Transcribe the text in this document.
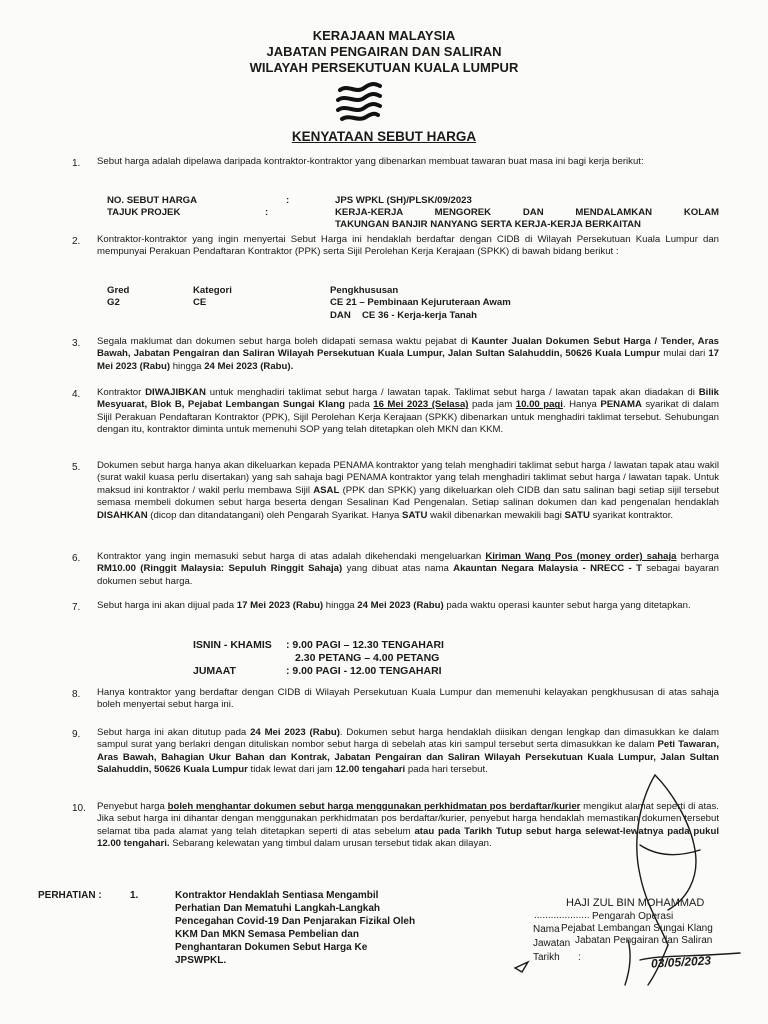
KERAJAAN MALAYSIA
JABATAN PENGAIRAN DAN SALIRAN
WILAYAH PERSEKUTUAN KUALA LUMPUR
KENYATAAN SEBUT HARGA
1. Sebut harga adalah dipelawa daripada kontraktor-kontraktor yang dibenarkan membuat tawaran buat masa ini bagi kerja berikut:
NO. SEBUT HARGA	:	JPS WPKL (SH)/PLSK/09/2023
TAJUK PROJEK	:	KERJA-KERJA MENGOREK DAN MENDALAMKAN KOLAM
TAKUNGAN BANJIR NANYANG SERTA KERJA-KERJA BERKAITAN
2. Kontraktor-kontraktor yang ingin menyertai Sebut Harga ini hendaklah berdaftar dengan CIDB di Wilayah Persekutuan Kuala Lumpur dan mempunyai Perakuan Pendaftaran Kontraktor (PPK) serta Sijil Perolehan Kerja Kerajaan (SPKK) di bawah bidang berikut :
Gred	Kategori	Pengkhususan
G2	CE	CE 21 – Pembinaan Kejuruteraan Awam
DAN CE 36 - Kerja-kerja Tanah
3. Segala maklumat dan dokumen sebut harga boleh didapati semasa waktu pejabat di Kaunter Jualan Dokumen Sebut Harga / Tender, Aras Bawah, Jabatan Pengairan dan Saliran Wilayah Persekutuan Kuala Lumpur, Jalan Sultan Salahuddin, 50626 Kuala Lumpur mulai dari 17 Mei 2023 (Rabu) hingga 24 Mei 2023 (Rabu).
4. Kontraktor DIWAJIBKAN untuk menghadiri taklimat sebut harga / lawatan tapak. Taklimat sebut harga / lawatan tapak akan diadakan di Bilik Mesyuarat, Blok B, Pejabat Lembangan Sungai Klang pada 16 Mei 2023 (Selasa) pada jam 10.00 pagi. Hanya PENAMA syarikat di dalam Sijil Perakuan Pendaftaran Kontraktor (PPK), Sijil Perolehan Kerja Kerajaan (SPKK) dibenarkan untuk menghadiri taklimat tersebut. Sehubungan dengan itu, kontraktor diminta untuk memenuhi SOP yang telah ditetapkan oleh MKN dan KKM.
5. Dokumen sebut harga hanya akan dikeluarkan kepada PENAMA kontraktor yang telah menghadiri taklimat sebut harga / lawatan tapak atau wakil (surat wakil kuasa perlu disertakan) yang sah sahaja bagi PENAMA kontraktor yang telah menghadiri taklimat sebut harga / lawatan tapak. Untuk maksud ini kontraktor / wakil perlu membawa Sijil ASAL (PPK dan SPKK) yang dikeluarkan oleh CIDB dan satu salinan bagi setiap sijil tersebut semasa membeli dokumen sebut harga beserta dengan Sesalinan Kad Pengenalan. Setiap salinan dokumen dan kad pengenalan hendaklah DISAHKAN (dicop dan ditandatangani) oleh Pengarah Syarikat. Hanya SATU wakil dibenarkan mewakili bagi SATU syarikat kontraktor.
6. Kontraktor yang ingin memasuki sebut harga di atas adalah dikehendaki mengeluarkan Kiriman Wang Pos (money order) sahaja berharga RM10.00 (Ringgit Malaysia: Sepuluh Ringgit Sahaja) yang dibuat atas nama Akauntan Negara Malaysia - NRECC - T sebagai bayaran dokumen sebut harga.
7. Sebut harga ini akan dijual pada 17 Mei 2023 (Rabu) hingga 24 Mei 2023 (Rabu) pada waktu operasi kaunter sebut harga yang ditetapkan.
ISNIN - KHAMIS : 9.00 PAGI – 12.30 TENGAHARI
2.30 PETANG – 4.00 PETANG
JUMAAT	: 9.00 PAGI - 12.00 TENGAHARI
8. Hanya kontraktor yang berdaftar dengan CIDB di Wilayah Persekutuan Kuala Lumpur dan memenuhi kelayakan pengkhususan di atas sahaja boleh menyertai sebut harga ini.
9. Sebut harga ini akan ditutup pada 24 Mei 2023 (Rabu). Dokumen sebut harga hendaklah diisikan dengan lengkap dan dimasukkan ke dalam sampul surat yang berlakri dengan dituliskan nombor sebut harga di sebelah atas kiri sampul tersebut serta dimasukkan ke dalam Peti Tawaran, Aras Bawah, Bahagian Ukur Bahan dan Kontrak, Jabatan Pengairan dan Saliran Wilayah Persekutuan Kuala Lumpur, Jalan Sultan Salahuddin, 50626 Kuala Lumpur tidak lewat dari jam 12.00 tengahari pada hari tersebut.
10. Penyebut harga boleh menghantar dokumen sebut harga menggunakan perkhidmatan pos berdaftar/kurier mengikut alamat seperti di atas. Jika sebut harga ini dihantar dengan menggunakan perkhidmatan pos berdaftar/kurier, penyebut harga hendaklah memastikan dokumen tersebut selamat tiba pada alamat yang telah ditetapkan seperti di atas sebelum atau pada Tarikh Tutup sebut harga selewat-lewatnya pada pukul 12.00 tengahari. Sebarang kelewatan yang timbul dalam urusan tersebut tidak akan dilayan.
PERHATIAN :	1.	Kontraktor Hendaklah Sentiasa Mengambil
Perhatian Dan Mematuhi Langkah-Langkah
Pencegahan Covid-19 Dan Penjarakan Fizikal Oleh
KKM Dan MKN Semasa Pembelian dan
Penghantaran Dokumen Sebut Harga Ke
JPSWPKL.
HAJI ZUL BIN MOHAMMAD
.................... Pengarah Operasi
Nama Pejabat Lembangan Sungai Klang
Jawatan Jabatan Pengairan dan Saliran
Tarikh :	03/05/2023
